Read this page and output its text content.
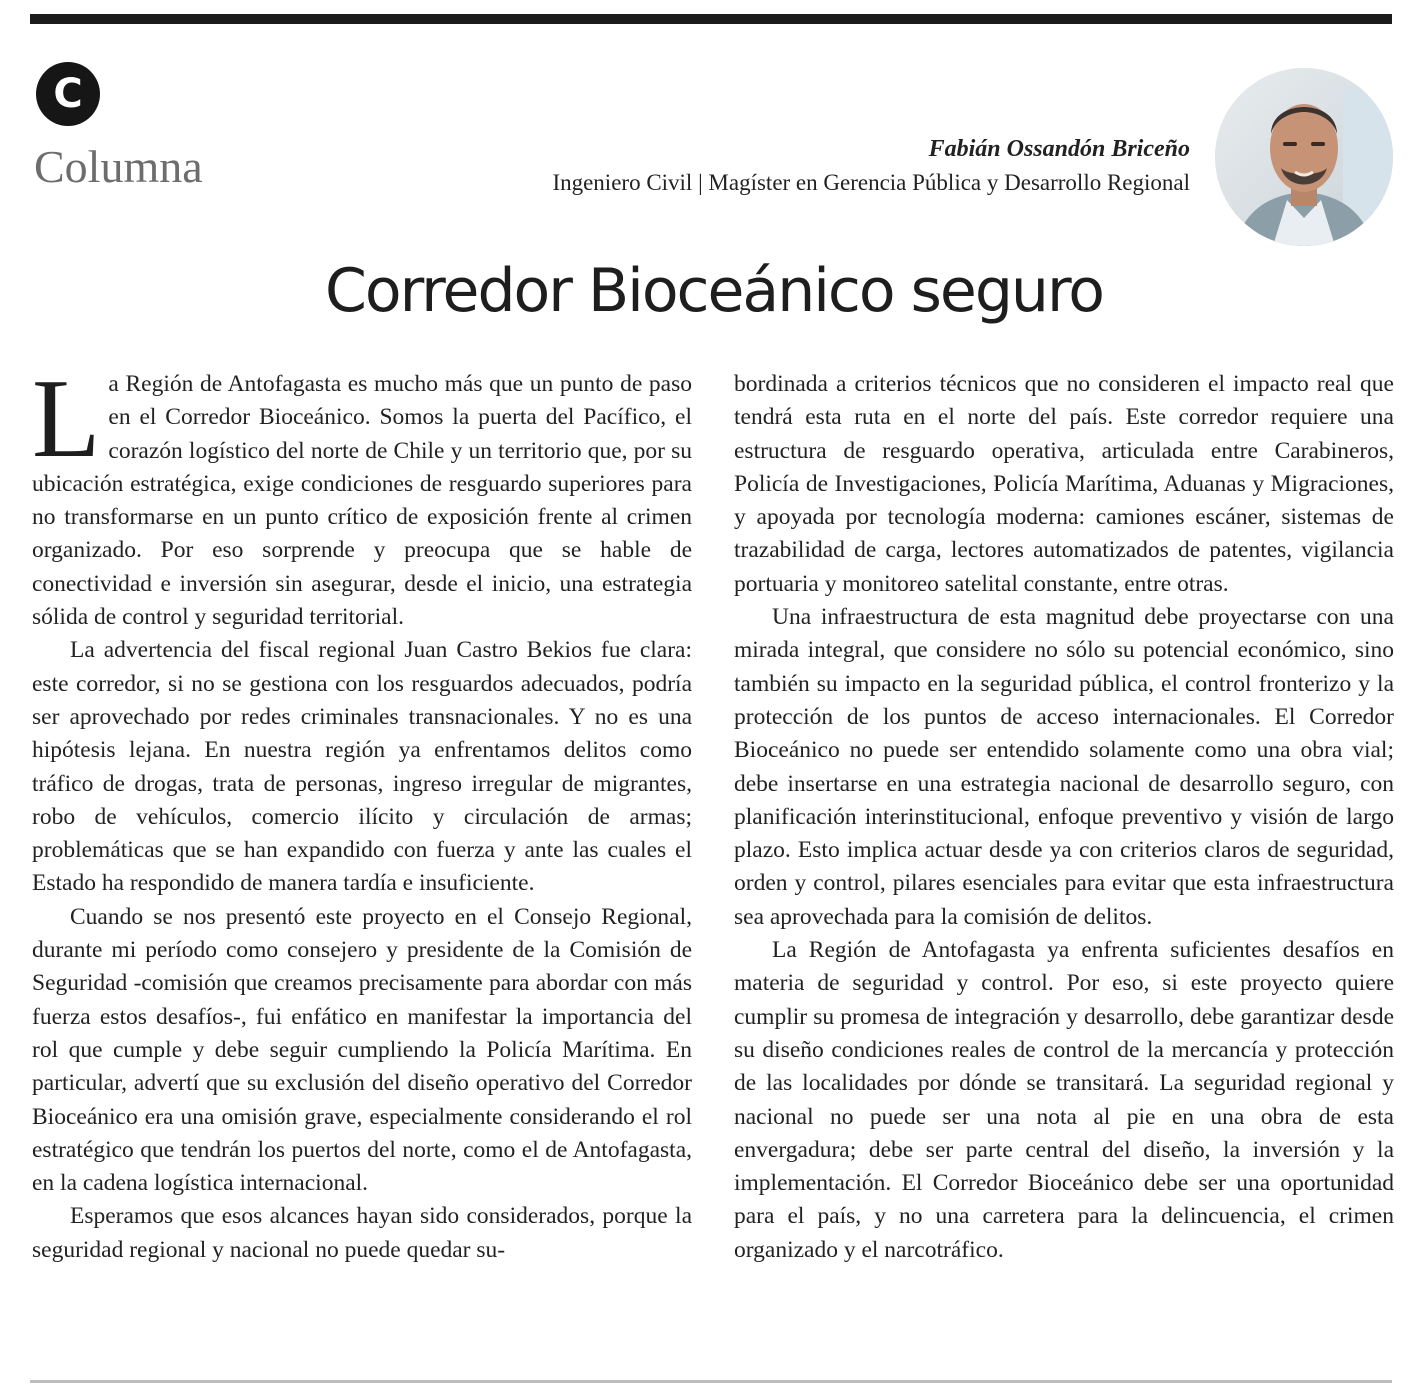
C
Columna	Fabián Ossandón Briceño
Ingeniero Civil | Magíster en Gerencia Pública y Desarrollo Regional
Corredor Bioceánico seguro

La Región de Antofagasta es mucho más que un punto de paso en el Corredor Bioceánico. Somos la puerta del Pacífico, el corazón logístico del norte de Chile y un territorio que, por su ubicación estratégica, exige condiciones de resguardo superiores para no transformarse en un punto crítico de exposición frente al crimen organizado. Por eso sorprende y preocupa que se hable de conectividad e inversión sin asegurar, desde el inicio, una estrategia sólida de control y seguridad territorial.

La advertencia del fiscal regional Juan Castro Bekios fue clara: este corredor, si no se gestiona con los resguardos adecuados, podría ser aprovechado por redes criminales transnacionales. Y no es una hipótesis lejana. En nuestra región ya enfrentamos delitos como tráfico de drogas, trata de personas, ingreso irregular de migrantes, robo de vehículos, comercio ilícito y circulación de armas; problemáticas que se han expandido con fuerza y ante las cuales el Estado ha respondido de manera tardía e insuficiente.

Cuando se nos presentó este proyecto en el Consejo Regional, durante mi período como consejero y presidente de la Comisión de Seguridad -comisión que creamos precisamente para abordar con más fuerza estos desafíos-, fui enfático en manifestar la importancia del rol que cumple y debe seguir cumpliendo la Policía Marítima. En particular, advertí que su exclusión del diseño operativo del Corredor Bioceánico era una omisión grave, especialmente considerando el rol estratégico que tendrán los puertos del norte, como el de Antofagasta, en la cadena logística internacional.

Esperamos que esos alcances hayan sido considerados, porque la seguridad regional y nacional no puede quedar su-

bordinada a criterios técnicos que no consideren el impacto real que tendrá esta ruta en el norte del país. Este corredor requiere una estructura de resguardo operativa, articulada entre Carabineros, Policía de Investigaciones, Policía Marítima, Aduanas y Migraciones, y apoyada por tecnología moderna: camiones escáner, sistemas de trazabilidad de carga, lectores automatizados de patentes, vigilancia portuaria y monitoreo satelital constante, entre otras.

Una infraestructura de esta magnitud debe proyectarse con una mirada integral, que considere no sólo su potencial económico, sino también su impacto en la seguridad pública, el control fronterizo y la protección de los puntos de acceso internacionales. El Corredor Bioceánico no puede ser entendido solamente como una obra vial; debe insertarse en una estrategia nacional de desarrollo seguro, con planificación interinstitucional, enfoque preventivo y visión de largo plazo. Esto implica actuar desde ya con criterios claros de seguridad, orden y control, pilares esenciales para evitar que esta infraestructura sea aprovechada para la comisión de delitos.

La Región de Antofagasta ya enfrenta suficientes desafíos en materia de seguridad y control. Por eso, si este proyecto quiere cumplir su promesa de integración y desarrollo, debe garantizar desde su diseño condiciones reales de control de la mercancía y protección de las localidades por dónde se transitará. La seguridad regional y nacional no puede ser una nota al pie en una obra de esta envergadura; debe ser parte central del diseño, la inversión y la implementación. El Corredor Bioceánico debe ser una oportunidad para el país, y no una carretera para la delincuencia, el crimen organizado y el narcotráfico.
